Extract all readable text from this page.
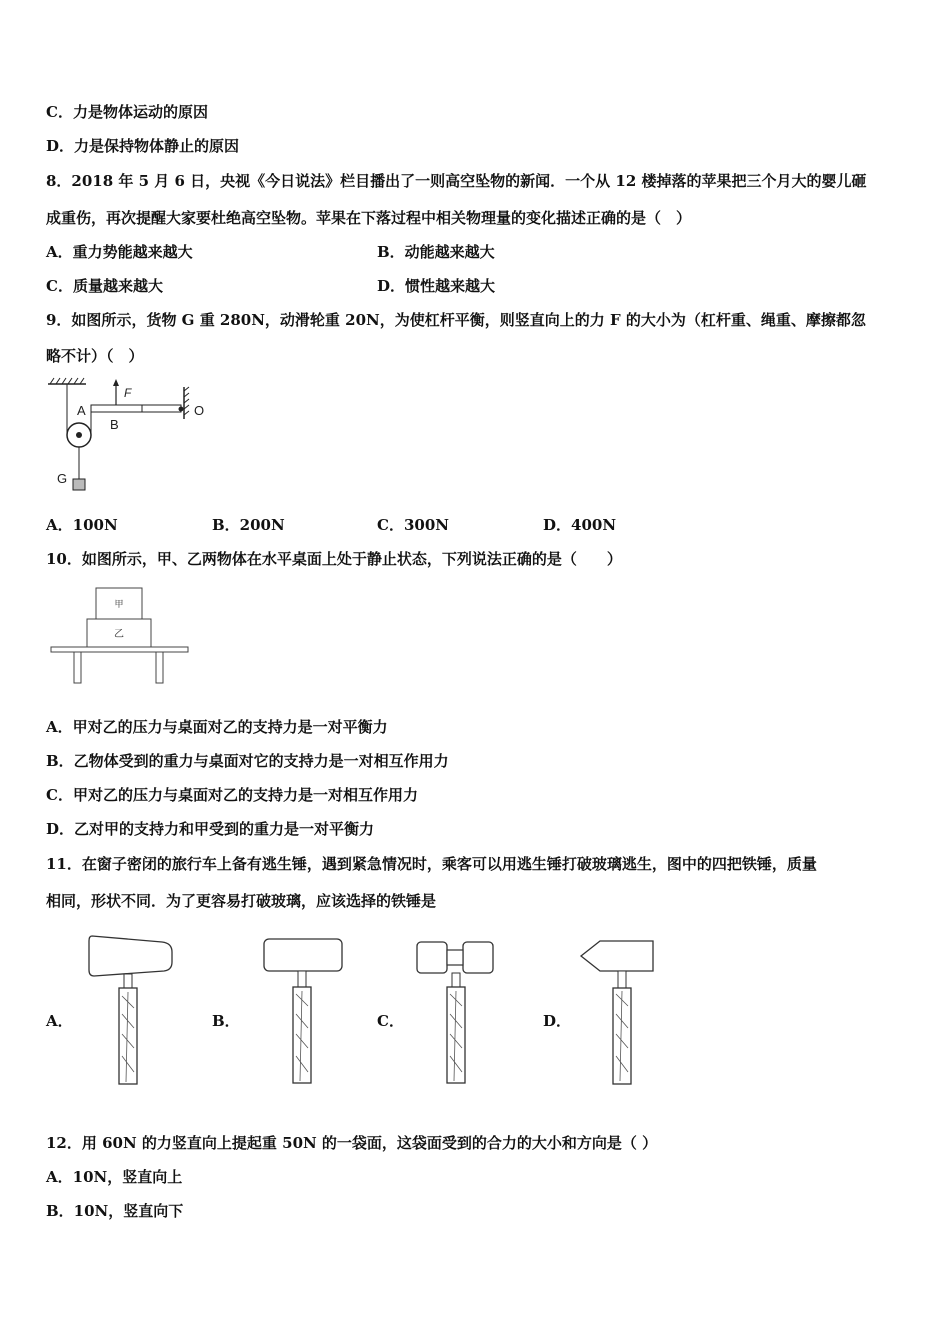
C．力是物体运动的原因
D．力是保持物体静止的原因
8．2018 年 5 月 6 日，央视《今日说法》栏目播出了一则高空坠物的新闻．一个从 12 楼掉落的苹果把三个月大的婴儿砸
成重伤，再次提醒大家要杜绝高空坠物。苹果在下落过程中相关物理量的变化描述正确的是（　）
A．重力势能越来越大	B．动能越来越大
C．质量越来越大	D．惯性越来越大
9．如图所示，货物 G 重 280N，动滑轮重 20N，为使杠杆平衡，则竖直向上的力 F 的大小为（杠杆重、绳重、摩擦都忽
略不计）（　）
G
O
F
A
B
A．100N	B．200N	C．300N	D．400N
10．如图所示，甲、乙两物体在水平桌面上处于静止状态，下列说法正确的是（　　）
甲
乙
A．甲对乙的压力与桌面对乙的支持力是一对平衡力
B．乙物体受到的重力与桌面对它的支持力是一对相互作用力
C．甲对乙的压力与桌面对乙的支持力是一对相互作用力
D．乙对甲的支持力和甲受到的重力是一对平衡力
11．在窗子密闭的旅行车上备有逃生锤，遇到紧急情况时，乘客可以用逃生锤打破玻璃逃生，图中的四把铁锤，质量
相同，形状不同．为了更容易打破玻璃，应该选择的铁锤是
A．	B．	C．	D．
12．用 60N 的力竖直向上提起重 50N 的一袋面，这袋面受到的合力的大小和方向是（ ）
A．10N，竖直向上
B．10N，竖直向下
